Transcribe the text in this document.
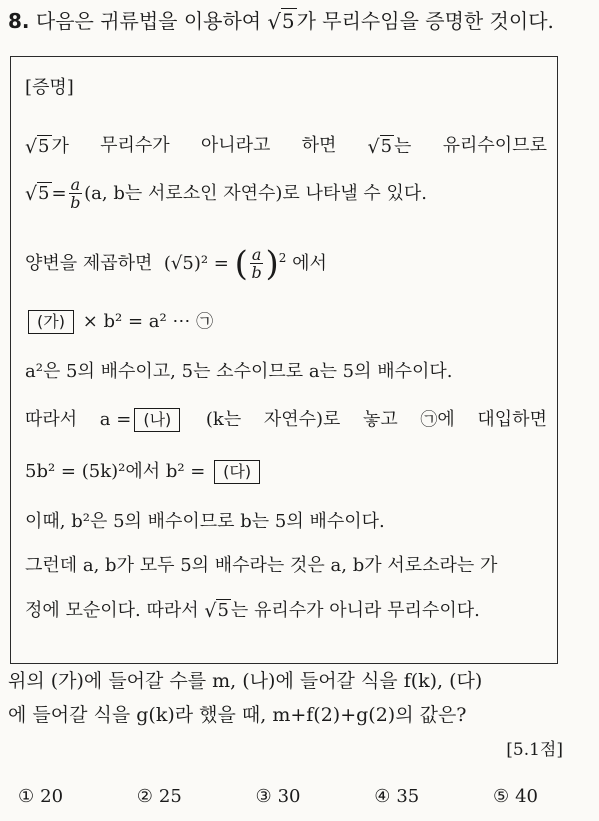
8. 다음은 귀류법을 이용하여 √5 가 무리수임을 증명한 것이다.
[증명]
√5 가 무리수가 아니라고 하면 √5 는 유리수이므로
$√5 = \frac{a}{b} (a$, b는 서로소인 자연수)로 나타낼 수 있다.
양변을 제곱하면 (√5)² = ( $\frac{a}{b} )^2$ 에서
(가) × b² = a² ⋯ ㉠
a²은 5의 배수이고, 5는 소수이므로 a는 5의 배수이다.
따라서 a = (나)	(k는 자연수)로 놓고 ㉠에 대입하면
5b² = (5k)²에서 b² = (다)
이때, b²은 5의 배수이므로 b는 5의 배수이다.
그런데 a, b가 모두 5의 배수라는 것은 a, b가 서로소라는 가
정에 모순이다. 따라서 √5 는 유리수가 아니라 무리수이다.
위의 (가)에 들어갈 수를 m, (나)에 들어갈 식을 f(k), (다)
에 들어갈 식을 g(k)라 했을 때, m+f(2)+g(2)의 값은?
[5.1점]
① 20	② 25	③ 30	④ 35	⑤ 40
